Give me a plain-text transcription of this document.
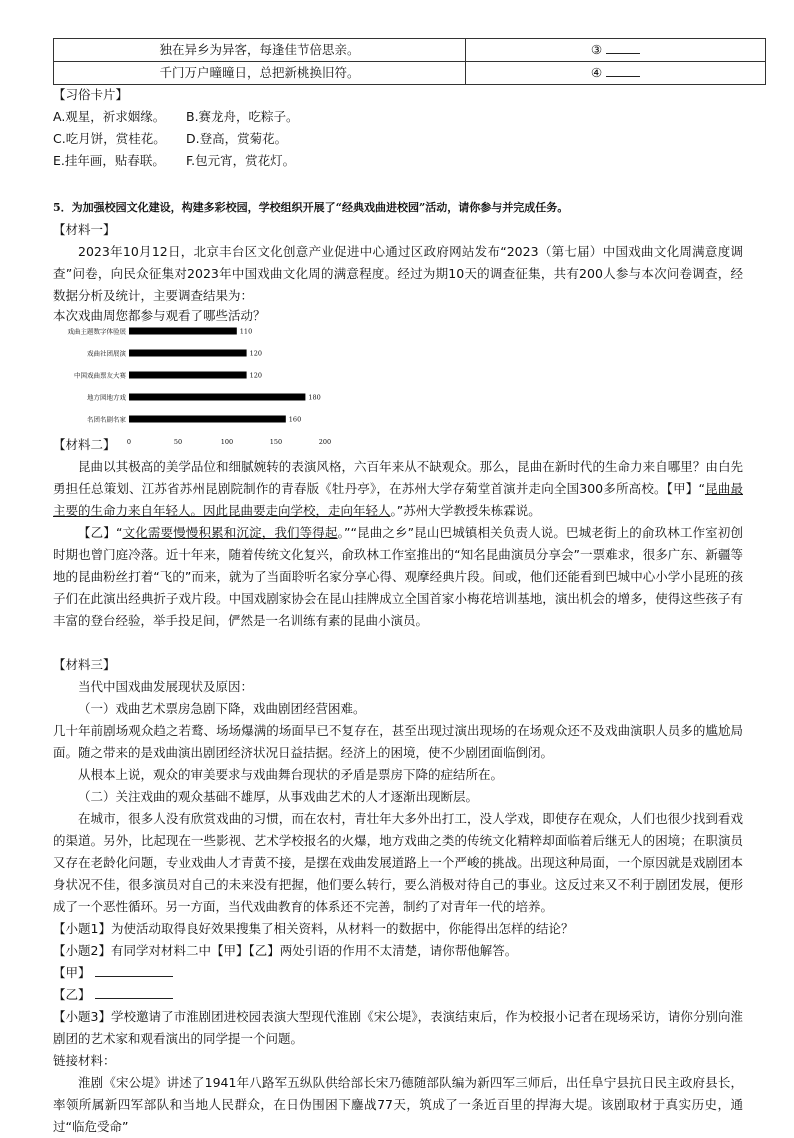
独在异乡为异客，每逢佳节倍思亲。	③
千门万户曈曈日，总把新桃换旧符。	④
【习俗卡片】
A.观星，祈求姻缘。 B.赛龙舟，吃粽子。
C.吃月饼，赏桂花。 D.登高，赏菊花。
E.挂年画，贴春联。 F.包元宵，赏花灯。
5．为加强校园文化建设，构建多彩校园，学校组织开展了“经典戏曲进校园”活动，请你参与并完成任务。
【材料一】
2023年10月12日，北京丰台区文化创意产业促进中心通过区政府网站发布“2023（第七届）中国戏曲文化周满意度调查”问卷，向民众征集对2023年中国戏曲文化周的满意程度。经过为期10天的调查征集，共有200人参与本次问卷调查，经数据分析及统计，主要调查结果为：
本次戏曲周您都参与观看了哪些活动？
戏曲主题数字体验展	110
戏曲社团展演	120
中国戏曲票友大赛	120
地方园地方戏	180
名团名剧名家	160
0	50	100	150	200
【材料二】
昆曲以其极高的美学品位和细腻婉转的表演风格，六百年来从不缺观众。那么，昆曲在新时代的生命力来自哪里？由白先勇担任总策划、江苏省苏州昆剧院制作的青春版《牡丹亭》，在苏州大学存菊堂首演并走向全国300多所高校。【甲】“昆曲最主要的生命力来自年轻人。因此昆曲要走向学校，走向年轻人。”苏州大学教授朱栋霖说。
【乙】“文化需要慢慢积累和沉淀，我们等得起。”“昆曲之乡”昆山巴城镇相关负责人说。巴城老街上的俞玖林工作室初创时期也曾门庭冷落。近十年来，随着传统文化复兴，俞玖林工作室推出的“知名昆曲演员分享会”一票难求，很多广东、新疆等地的昆曲粉丝打着“飞的”而来，就为了当面聆听名家分享心得、观摩经典片段。间或，他们还能看到巴城中心小学小昆班的孩子们在此演出经典折子戏片段。中国戏剧家协会在昆山挂牌成立全国首家小梅花培训基地，演出机会的增多，使得这些孩子有丰富的登台经验，举手投足间，俨然是一名训练有素的昆曲小演员。
【材料三】
当代中国戏曲发展现状及原因：
（一）戏曲艺术票房急剧下降，戏曲剧团经营困难。
几十年前剧场观众趋之若鹜、场场爆满的场面早已不复存在，甚至出现过演出现场的在场观众还不及戏曲演职人员多的尴尬局面。随之带来的是戏曲演出剧团经济状况日益拮据。经济上的困境，使不少剧团面临倒闭。
从根本上说，观众的审美要求与戏曲舞台现状的矛盾是票房下降的症结所在。
（二）关注戏曲的观众基础不雄厚，从事戏曲艺术的人才逐渐出现断层。
在城市，很多人没有欣赏戏曲的习惯，而在农村，青壮年大多外出打工，没人学戏，即使存在观众，人们也很少找到看戏的渠道。另外，比起现在一些影视、艺术学校报名的火爆，地方戏曲之类的传统文化精粹却面临着后继无人的困境；在职演员又存在老龄化问题，专业戏曲人才青黄不接，是摆在戏曲发展道路上一个严峻的挑战。出现这种局面，一个原因就是戏剧团本身状况不佳，很多演员对自己的未来没有把握，他们要么转行，要么消极对待自己的事业。这反过来又不利于剧团发展，便形成了一个恶性循环。另一方面，当代戏曲教育的体系还不完善，制约了对青年一代的培养。
【小题1】为使活动取得良好效果搜集了相关资料，从材料一的数据中，你能得出怎样的结论？
【小题2】有同学对材料二中【甲】【乙】两处引语的作用不太清楚，请你帮他解答。
【甲】
【乙】
【小题3】学校邀请了市淮剧团进校园表演大型现代淮剧《宋公堤》，表演结束后，作为校报小记者在现场采访，请你分别向淮剧团的艺术家和观看演出的同学提一个问题。
链接材料：
淮剧《宋公堤》讲述了1941年八路军五纵队供给部长宋乃德随部队编为新四军三师后，出任阜宁县抗日民主政府县长，率领所属新四军部队和当地人民群众，在日伪围困下鏖战77天，筑成了一条近百里的捍海大堤。该剧取材于真实历史，通过“临危受命”
